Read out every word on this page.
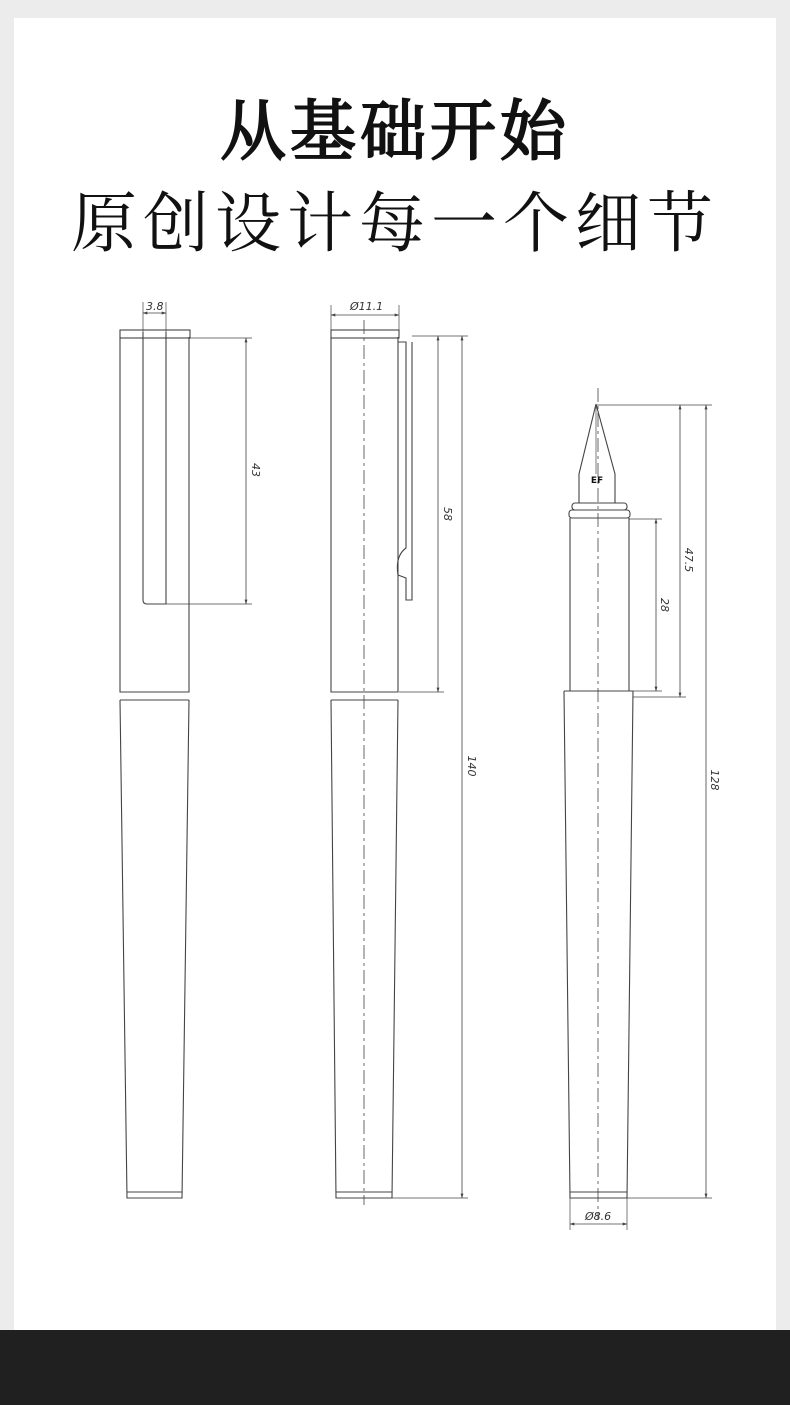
从基础开始
原创设计每一个细节
3.8
43
Ø11.1
58
140
EF
28
47.5
128
Ø8.6
